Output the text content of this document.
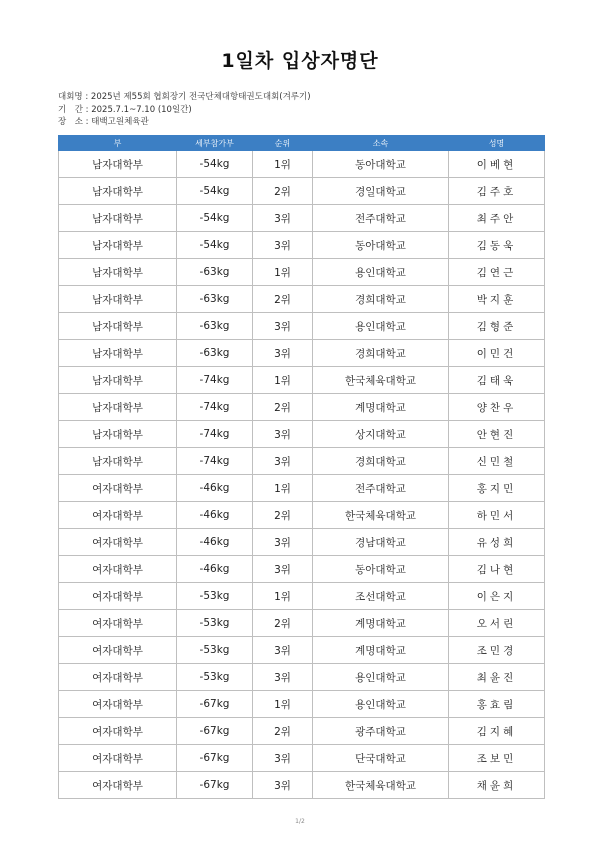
1일차 입상자명단
대회명 : 2025년 제55회 협회장기 전국단체대항태권도대회(겨루기)
기　간 : 2025.7.1~7.10 (10일간)
장　소 : 태백고원체육관
부	세부참가부	순위	소속	성명
남자대학부	-54kg	1위	동아대학교	이베현
남자대학부	-54kg	2위	경일대학교	김주호
남자대학부	-54kg	3위	전주대학교	최주안
남자대학부	-54kg	3위	동아대학교	김동욱
남자대학부	-63kg	1위	용인대학교	김연근
남자대학부	-63kg	2위	경희대학교	박지훈
남자대학부	-63kg	3위	용인대학교	김형준
남자대학부	-63kg	3위	경희대학교	이민건
남자대학부	-74kg	1위	한국체육대학교	김태욱
남자대학부	-74kg	2위	계명대학교	양찬우
남자대학부	-74kg	3위	상지대학교	안현진
남자대학부	-74kg	3위	경희대학교	신민철
여자대학부	-46kg	1위	전주대학교	홍지민
여자대학부	-46kg	2위	한국체육대학교	하민서
여자대학부	-46kg	3위	경남대학교	유성희
여자대학부	-46kg	3위	동아대학교	김나현
여자대학부	-53kg	1위	조선대학교	이은지
여자대학부	-53kg	2위	계명대학교	오서린
여자대학부	-53kg	3위	계명대학교	조민경
여자대학부	-53kg	3위	용인대학교	최윤진
여자대학부	-67kg	1위	용인대학교	홍효림
여자대학부	-67kg	2위	광주대학교	김지혜
여자대학부	-67kg	3위	단국대학교	조보민
여자대학부	-67kg	3위	한국체육대학교	채윤희
1/2
